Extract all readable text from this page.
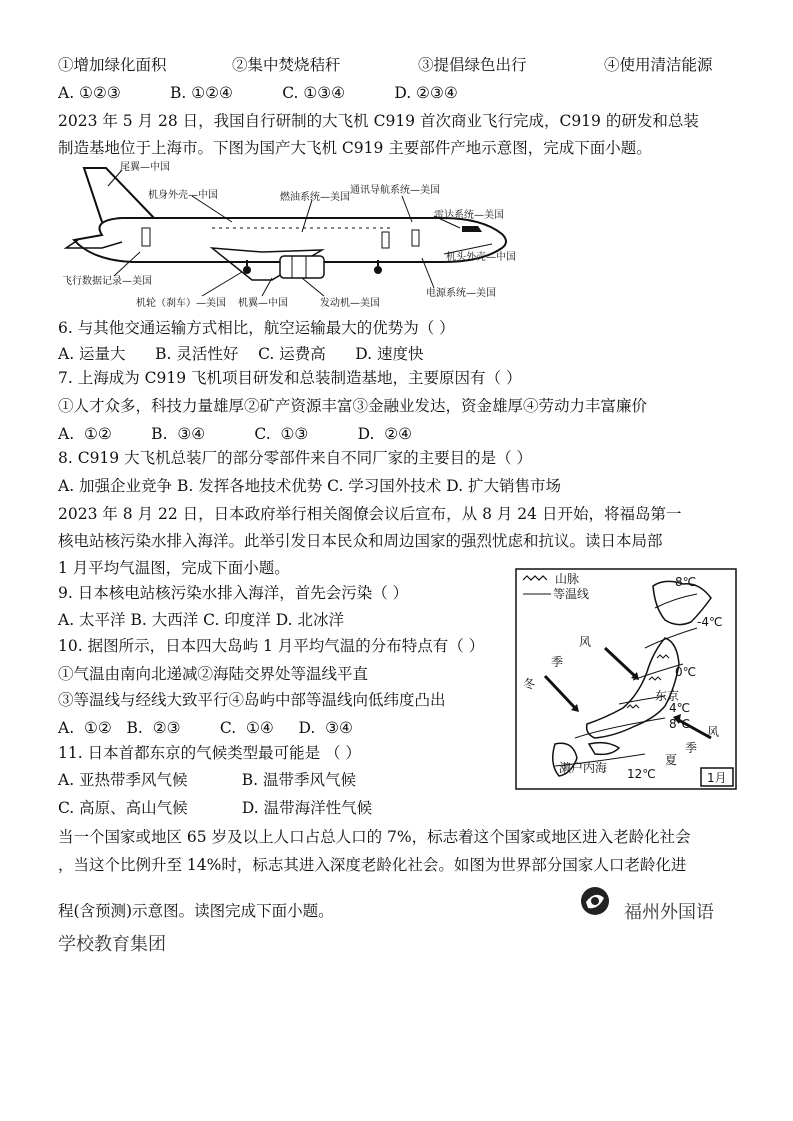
①增加绿化面积	②集中焚烧秸秆	③提倡绿色出行	④使用清洁能源
A. ①②③          B. ①②④          C. ①③④          D. ②③④
2023 年 5 月 28 日，我国自行研制的大飞机 C919 首次商业飞行完成，C919 的研发和总装
制造基地位于上海市。下图为国产大飞机 C919 主要部件产地示意图，完成下面小题。
尾翼—中国
机身外壳—中国	燃油系统—美国
通讯导航系统—美国
雷达系统—美国
机头外壳—中国
电源系统—美国
飞行数据记录—美国
机轮（刹车）—美国 机翼—中国	发动机—美国
6. 与其他交通运输方式相比，航空运输最大的优势为（ ）
A. 运量大      B. 灵活性好    C. 运费高      D. 速度快
7. 上海成为 C919 飞机项目研发和总装制造基地，主要原因有（ ）
①人才众多，科技力量雄厚②矿产资源丰富③金融业发达，资金雄厚④劳动力丰富廉价
A.  ①②        B.  ③④          C.  ①③          D.  ②④
8. C919 大飞机总装厂的部分零部件来自不同厂家的主要目的是（ ）
A. 加强企业竞争 B. 发挥各地技术优势 C. 学习国外技术 D. 扩大销售市场
2023 年 8 月 22 日，日本政府举行相关阁僚会议后宣布，从 8 月 24 日开始，将福岛第一
核电站核污染水排入海洋。此举引发日本民众和周边国家的强烈忧虑和抗议。读日本局部
1 月平均气温图，完成下面小题。
9. 日本核电站核污染水排入海洋，首先会污染（ ）
A. 太平洋 B. 大西洋 C. 印度洋 D. 北冰洋
10. 据图所示，日本四大岛屿 1 月平均气温的分布特点有（ ）
①气温由南向北递减②海陆交界处等温线平直
③等温线与经线大致平行④岛屿中部等温线向低纬度凸出
A.  ①②   B.  ②③        C.  ①④     D.  ③④
11. 日本首都东京的气候类型最可能是 （ ）
A. 亚热带季风气候           B. 温带季风气候
C. 高原、高山气候           D. 温带海洋性气候
山脉
等温线
8℃
-4℃
0℃
4℃
8℃
12℃
东京
濑户内海
风
季
冬
风
季
夏
1月
当一个国家或地区 65 岁及以上人口占总人口的 7%，标志着这个国家或地区进入老龄化社会
，当这个比例升至 14%时，标志其进入深度老龄化社会。如图为世界部分国家人口老龄化进
程(含预测)示意图。读图完成下面小题。	福州外国语
学校教育集团
